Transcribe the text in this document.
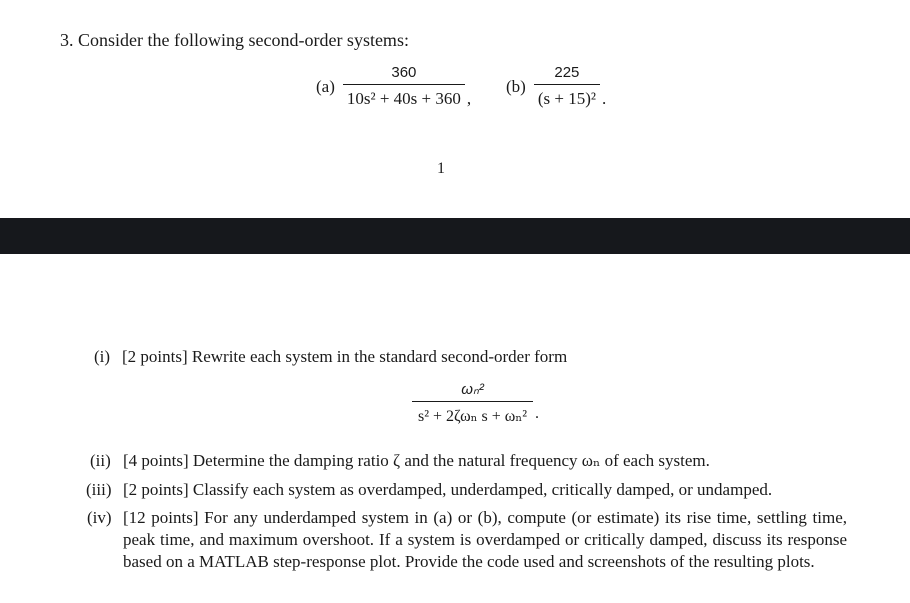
3. Consider the following second-order systems:
$(a) \frac{360}{\text{10s² + 40s + 360}}$ ,
$(b) \frac{225}{\text{(s + 15)²}}$ .
1
(i) [2 points] Rewrite each system in the standard second-order form
$\frac{\text{ωₙ²}}{\text{s² + 2ζωₙ s + ωₙ²}}$ .
(ii) [4 points] Determine the damping ratio ζ and the natural frequency ωₙ of each system.
(iii) [2 points] Classify each system as overdamped, underdamped, critically damped, or undamped.
(iv) [12 points] For any underdamped system in (a) or (b), compute (or estimate) its rise time, settling time, peak time, and maximum overshoot. If a system is overdamped or critically damped, discuss its response based on a MATLAB step-response plot. Provide the code used and screenshots of the resulting plots.
